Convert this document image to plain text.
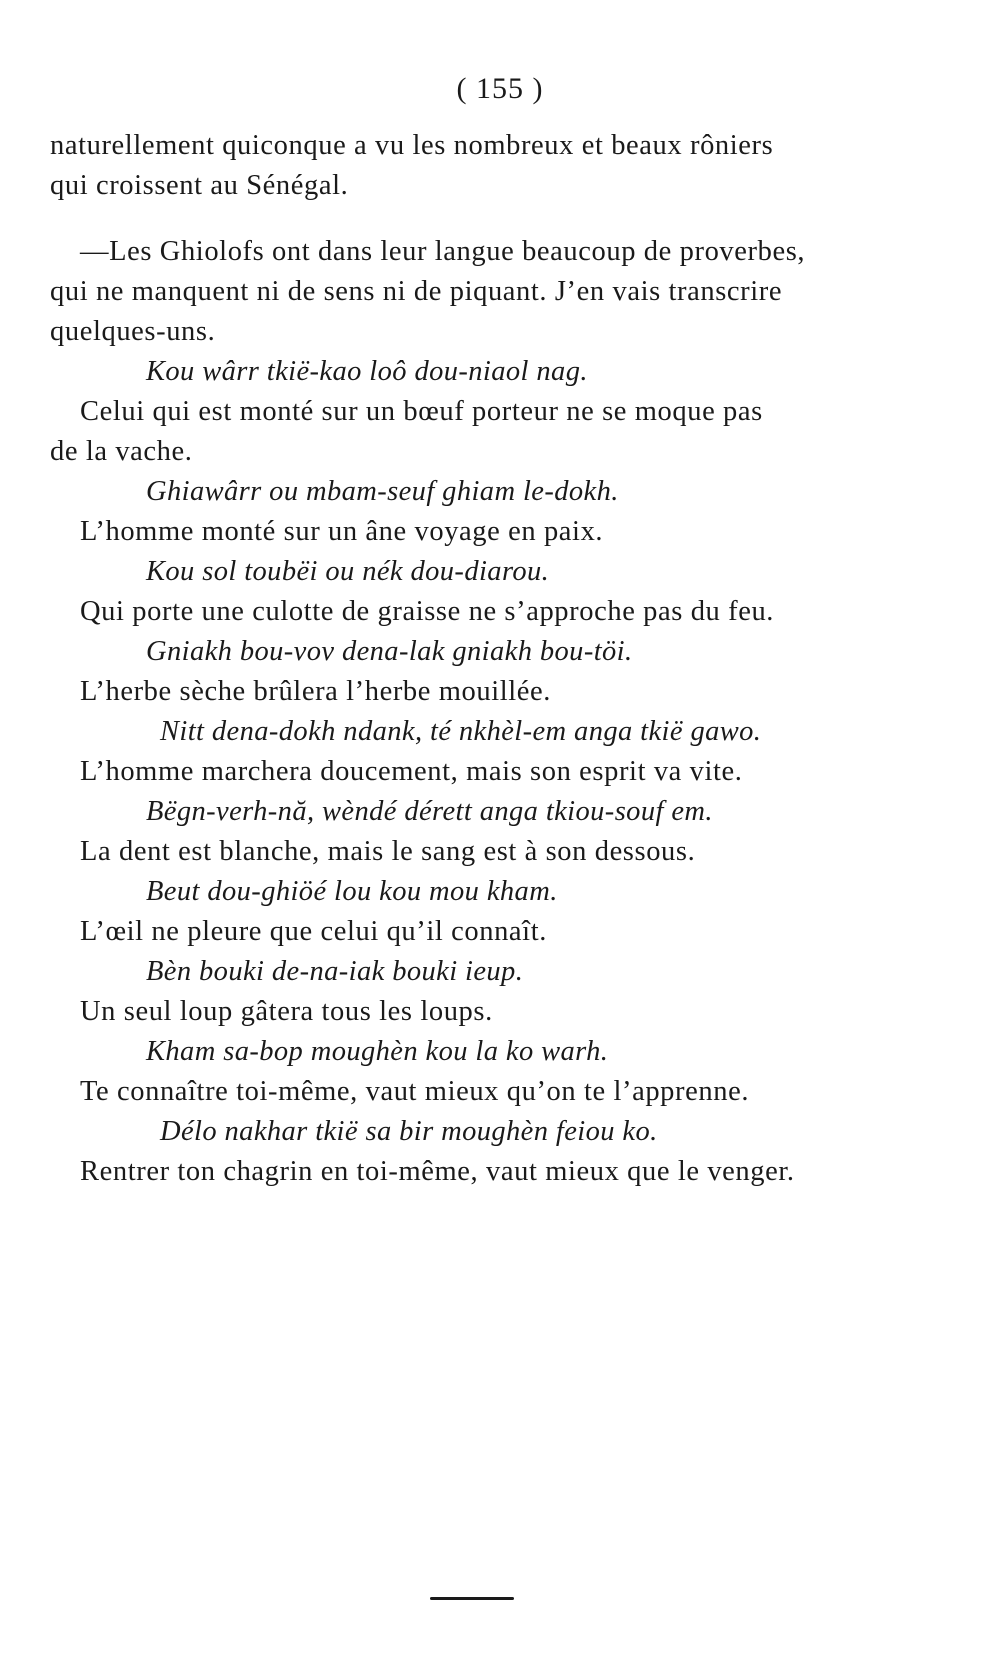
( 155 )
naturellement quiconque a vu les nombreux et beaux rôniers
qui croissent au Sénégal.
—Les Ghiolofs ont dans leur langue beaucoup de proverbes,
qui ne manquent ni de sens ni de piquant. J’en vais transcrire
quelques-uns.
Kou wârr tkië-kao loô dou-niaol nag.
Celui qui est monté sur un bœuf porteur ne se moque pas
de la vache.
Ghiawârr ou mbam-seuf ghiam le-dokh.
L’homme monté sur un âne voyage en paix.
Kou sol toubëi ou nék dou-diarou.
Qui porte une culotte de graisse ne s’approche pas du feu.
Gniakh bou-vov dena-lak gniakh bou-töi.
L’herbe sèche brûlera l’herbe mouillée.
Nitt dena-dokh ndank, té nkhèl-em anga tkië gawo.
L’homme marchera doucement, mais son esprit va vite.
Bëgn-verh-nă, wèndé dérett anga tkiou-souf em.
La dent est blanche, mais le sang est à son dessous.
Beut dou-ghiöé lou kou mou kham.
L’œil ne pleure que celui qu’il connaît.
Bèn bouki de-na-iak bouki ieup.
Un seul loup gâtera tous les loups.
Kham sa-bop moughèn kou la ko warh.
Te connaître toi-même, vaut mieux qu’on te l’apprenne.
Délo nakhar tkië sa bir moughèn feiou ko.
Rentrer ton chagrin en toi-même, vaut mieux que le venger.
